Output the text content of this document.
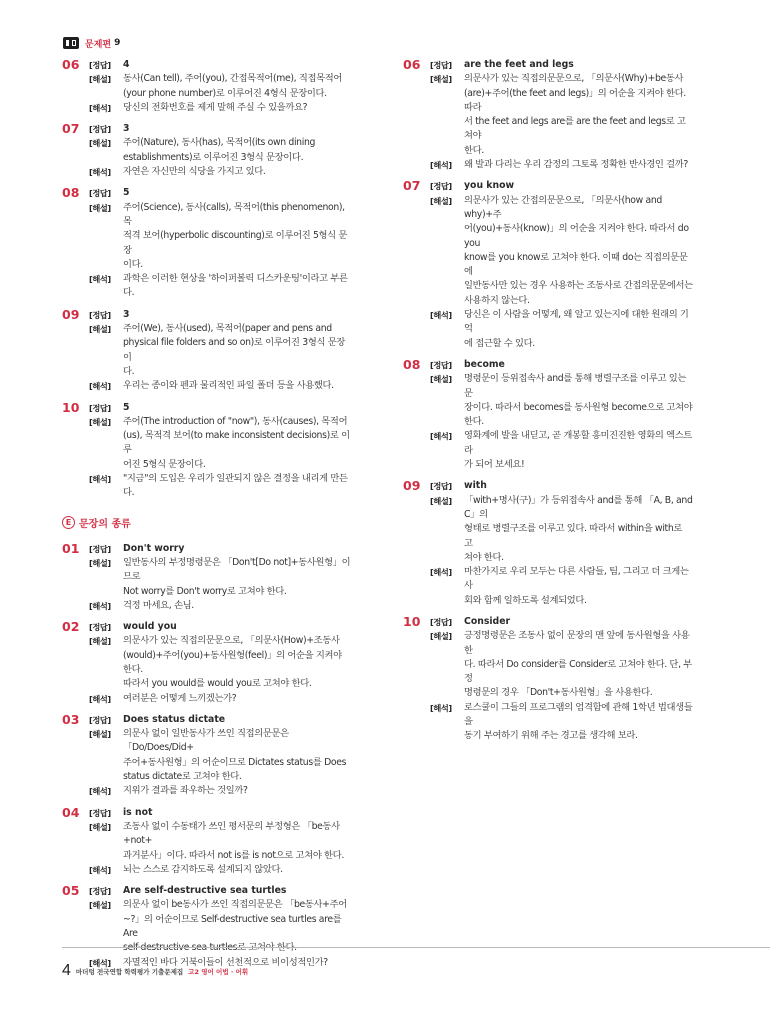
문제편 9
06	[정답]	4
[해설]	동사(Can tell), 주어(you), 간접목적어(me), 직접목적어
(your phone number)로 이루어진 4형식 문장이다.
[해석]	당신의 전화번호를 제게 말해 주실 수 있을까요?
07	[정답]	3
[해설]	주어(Nature), 동사(has), 목적어(its own dining
establishments)로 이루어진 3형식 문장이다.
[해석]	자연은 자신만의 식당을 가지고 있다.
08	[정답]	5
[해설]	주어(Science), 동사(calls), 목적어(this phenomenon), 목
적격 보어(hyperbolic discounting)로 이루어진 5형식 문장
이다.
[해석]	과학은 이러한 현상을 '하이퍼볼릭 디스카운팅'이라고 부른다.
09	[정답]	3
[해설]	주어(We), 동사(used), 목적어(paper and pens and
physical file folders and so on)로 이루어진 3형식 문장이
다.
[해석]	우리는 종이와 펜과 물리적인 파일 폴더 등을 사용했다.
10	[정답]	5
[해설]	주어(The introduction of "now"), 동사(causes), 목적어
(us), 목적격 보어(to make inconsistent decisions)로 이루
어진 5형식 문장이다.
[해석]	"지금"의 도입은 우리가 일관되지 않은 결정을 내리게 만든다.
E 문장의 종류
01	[정답]	Don't worry
[해설]	일반동사의 부정명령문은 「Don't[Do not]+동사원형」이므로
Not worry를 Don't worry로 고쳐야 한다.
[해석]	걱정 마세요, 손님.
02	[정답]	would you
[해설]	의문사가 있는 직접의문문으로, 「의문사(How)+조동사
(would)+주어(you)+동사원형(feel)」의 어순을 지켜야 한다.
따라서 you would를 would you로 고쳐야 한다.
[해석]	여러분은 어떻게 느끼겠는가?
03	[정답]	Does status dictate
[해설]	의문사 없이 일반동사가 쓰인 직접의문문은 「Do/Does/Did+
주어+동사원형」의 어순이므로 Dictates status를 Does
status dictate로 고쳐야 한다.
[해석]	지위가 결과를 좌우하는 것일까?
04	[정답]	is not
[해설]	조동사 없이 수동태가 쓰인 평서문의 부정형은 「be동사+not+
과거분사」이다. 따라서 not is를 is not으로 고쳐야 한다.
[해석]	뇌는 스스로 감지하도록 설계되지 않았다.
05	[정답]	Are self-destructive sea turtles
[해설]	의문사 없이 be동사가 쓰인 직접의문문은 「be동사+주어
~?」의 어순이므로 Self-destructive sea turtles are를 Are
[해석]	자멸적인 바다 거북이들이 선천적으로 비이성적인가?
06	[정답]	are the feet and legs
[해설]	의문사가 있는 직접의문문으로, 「의문사(Why)+be동사
(are)+주어(the feet and legs)」의 어순을 지켜야 한다. 따라
서 the feet and legs are를 are the feet and legs로 고쳐야
한다.
[해석]	왜 발과 다리는 우리 감정의 그토록 정확한 반사경인 걸까?
07	[정답]	you know
[해설]	의문사가 있는 간접의문문으로, 「의문사(how and why)+주
어(you)+동사(know)」의 어순을 지켜야 한다. 따라서 do you
know를 you know로 고쳐야 한다. 이때 do는 직접의문문에
일반동사만 있는 경우 사용하는 조동사로 간접의문문에서는
사용하지 않는다.
[해석]	당신은 이 사람을 어떻게, 왜 알고 있는지에 대한 원래의 기억
에 접근할 수 있다.
08	[정답]	become
[해설]	명령문이 등위접속사 and를 통해 병렬구조를 이루고 있는 문
장이다. 따라서 becomes를 동사원형 become으로 고쳐야
한다.
[해석]	영화계에 발을 내딛고, 곧 개봉할 흥미진진한 영화의 엑스트라
가 되어 보세요!
09	[정답]	with
[해설]	「with+명사(구)」가 등위접속사 and를 통해 「A, B, and C」의
형태로 병렬구조를 이루고 있다. 따라서 within을 with로 고
쳐야 한다.
[해석]	마찬가지로 우리 모두는 다른 사람들, 팀, 그리고 더 크게는 사
회와 함께 일하도록 설계되었다.
10	[정답]	Consider
[해설]	긍정명령문은 조동사 없이 문장의 맨 앞에 동사원형을 사용한
다. 따라서 Do consider를 Consider로 고쳐야 한다. 단, 부정
명령문의 경우 「Don't+동사원형」을 사용한다.
[해석]	로스쿨이 그들의 프로그램의 엄격함에 관해 1학년 법대생들을
동기 부여하기 위해 주는 경고를 생각해 보라.
4 마더텅 전국연합 학력평가 기출문제집 고2 영어 어법 · 어휘
